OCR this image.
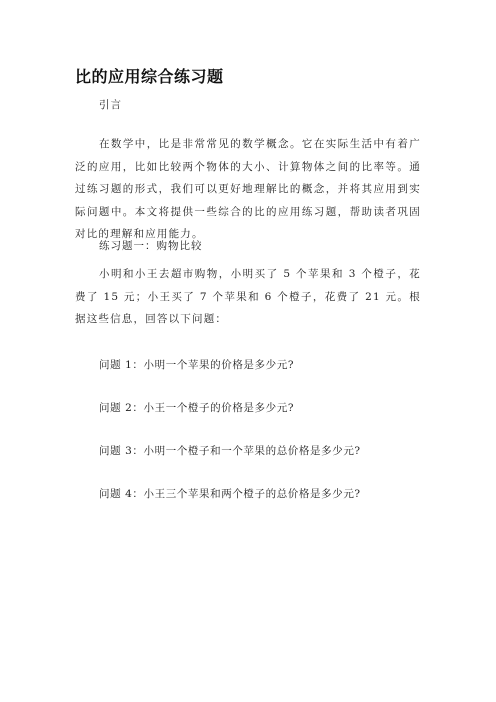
比的应用综合练习题
引言
在数学中，比是非常常见的数学概念。它在实际生活中有着广泛的应用，比如比较两个物体的大小、计算物体之间的比率等。通过练习题的形式，我们可以更好地理解比的概念，并将其应用到实际问题中。本文将提供一些综合的比的应用练习题，帮助读者巩固对比的理解和应用能力。
练习题一：购物比较
小明和小王去超市购物，小明买了 5 个苹果和 3 个橙子，花费了 15 元；小王买了 7 个苹果和 6 个橙子，花费了 21 元。根据这些信息，回答以下问题：
问题 1：小明一个苹果的价格是多少元?
问题 2：小王一个橙子的价格是多少元?
问题 3：小明一个橙子和一个苹果的总价格是多少元?
问题 4：小王三个苹果和两个橙子的总价格是多少元?
